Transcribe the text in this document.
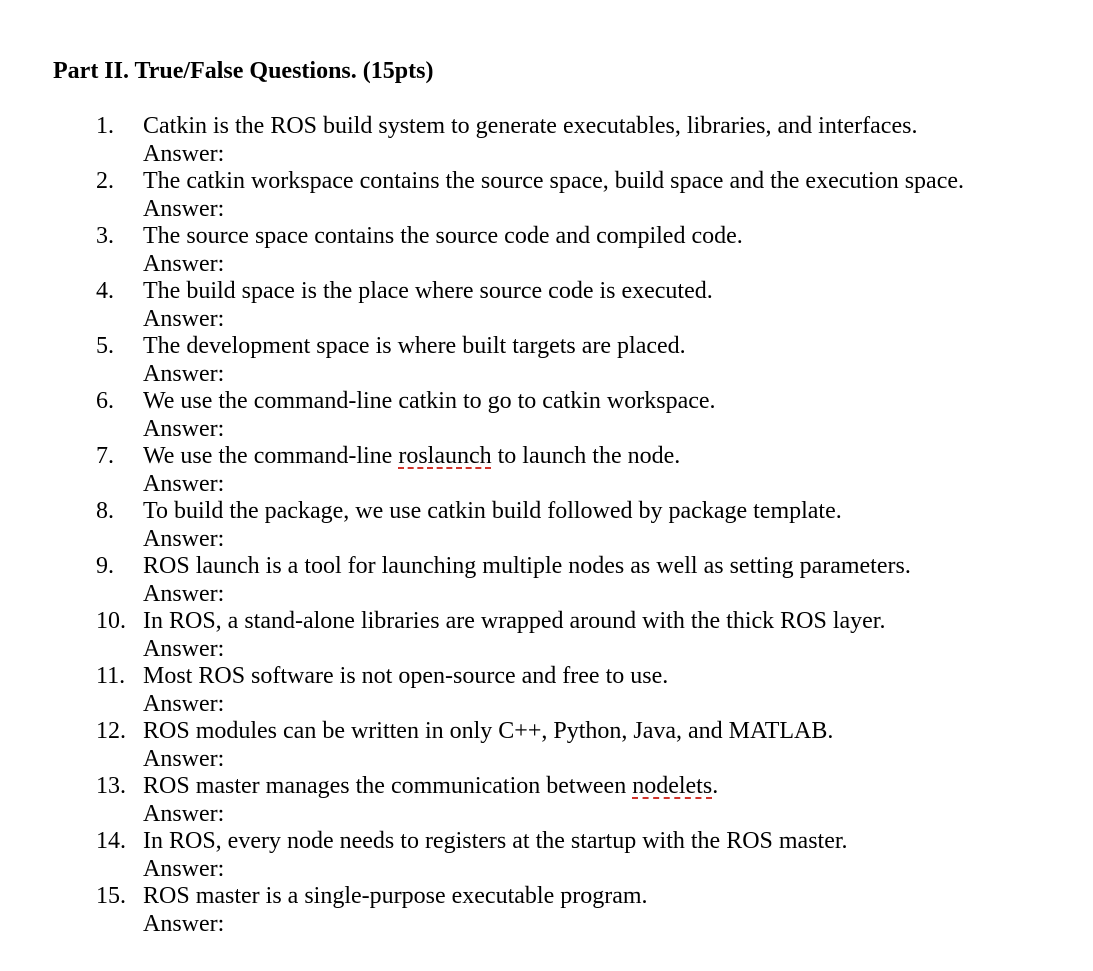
Part II. True/False Questions. (15pts)
1.	Catkin is the ROS build system to generate executables, libraries, and interfaces.
Answer:
2.	The catkin workspace contains the source space, build space and the execution space.
Answer:
3.	The source space contains the source code and compiled code.
Answer:
4.	The build space is the place where source code is executed.
Answer:
5.	The development space is where built targets are placed.
Answer:
6.	We use the command-line catkin to go to catkin workspace.
Answer:
7.	We use the command-line roslaunch to launch the node.
Answer:
8.	To build the package, we use catkin build followed by package template.
Answer:
9.	ROS launch is a tool for launching multiple nodes as well as setting parameters.
Answer:
10. In ROS, a stand-alone libraries are wrapped around with the thick ROS layer.
Answer:
11. Most ROS software is not open-source and free to use.
Answer:
12. ROS modules can be written in only C++, Python, Java, and MATLAB.
Answer:
13. ROS master manages the communication between nodelets.
Answer:
14. In ROS, every node needs to registers at the startup with the ROS master.
Answer:
15. ROS master is a single-purpose executable program.
Answer:
